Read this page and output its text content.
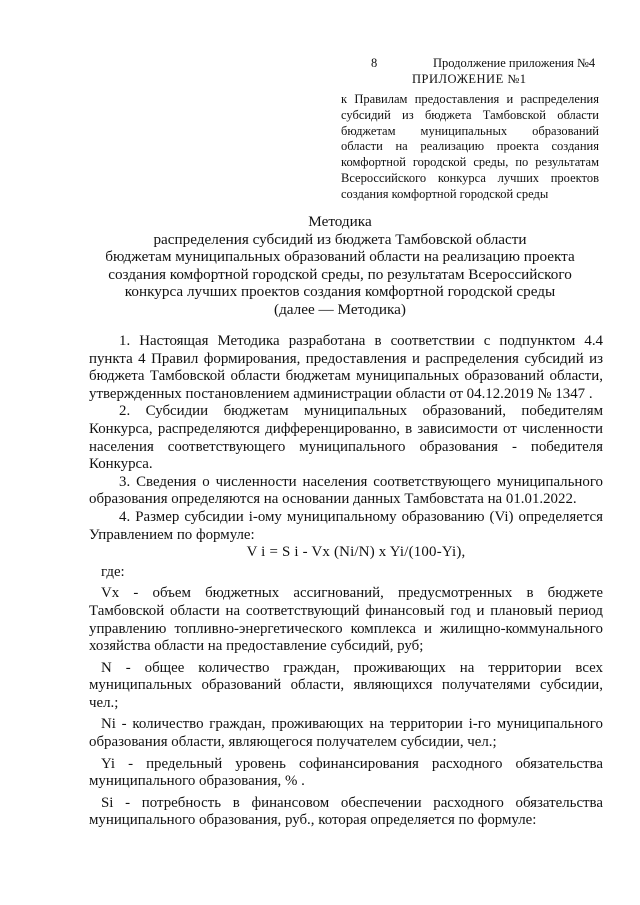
8	Продолжение приложения №4
ПРИЛОЖЕНИЕ №1
к Правилам предоставления и распределения субсидий из бюджета Тамбовской области бюджетам муниципальных образований области на реализацию проекта создания комфортной городской среды, по результатам Всероссийского конкурса лучших проектов создания комфортной городской среды
Методика
распределения субсидий из бюджета Тамбовской области
бюджетам муниципальных образований области на реализацию проекта
создания комфортной городской среды, по результатам Всероссийского
конкурса лучших проектов создания комфортной городской среды
(далее — Методика)

1. Настоящая Методика разработана в соответствии с подпунктом 4.4 пункта 4 Правил формирования, предоставления и распределения субсидий из бюджета Тамбовской области бюджетам муниципальных образований области, утвержденных постановлением администрации области от 04.12.2019 № 1347 .

2. Субсидии бюджетам муниципальных образований, победителям Конкурса, распределяются дифференцированно, в зависимости от численности населения соответствующего муниципального образования - победителя Конкурса.

3. Сведения о численности населения соответствующего муниципального образования определяются на основании данных Тамбовстата на 01.01.2022.

4. Размер субсидии i-ому муниципальному образованию (Vi) определяется Управлением по формуле:

V i = S i - Vx (Ni/N) x Yi/(100-Yi),

где:

Vx - объем бюджетных ассигнований, предусмотренных в бюджете Тамбовской области на соответствующий финансовый год и плановый период управлению топливно-энергетического комплекса и жилищно-коммунального хозяйства области на предоставление субсидий, руб;

N - общее количество граждан, проживающих на территории всех муниципальных образований области, являющихся получателями субсидии, чел.;

Ni - количество граждан, проживающих на территории i-го муниципального образования области, являющегося получателем субсидии, чел.;

Yi - предельный уровень софинансирования расходного обязательства муниципального образования, % .

Si - потребность в финансовом обеспечении расходного обязательства муниципального образования, руб., которая определяется по формуле:
